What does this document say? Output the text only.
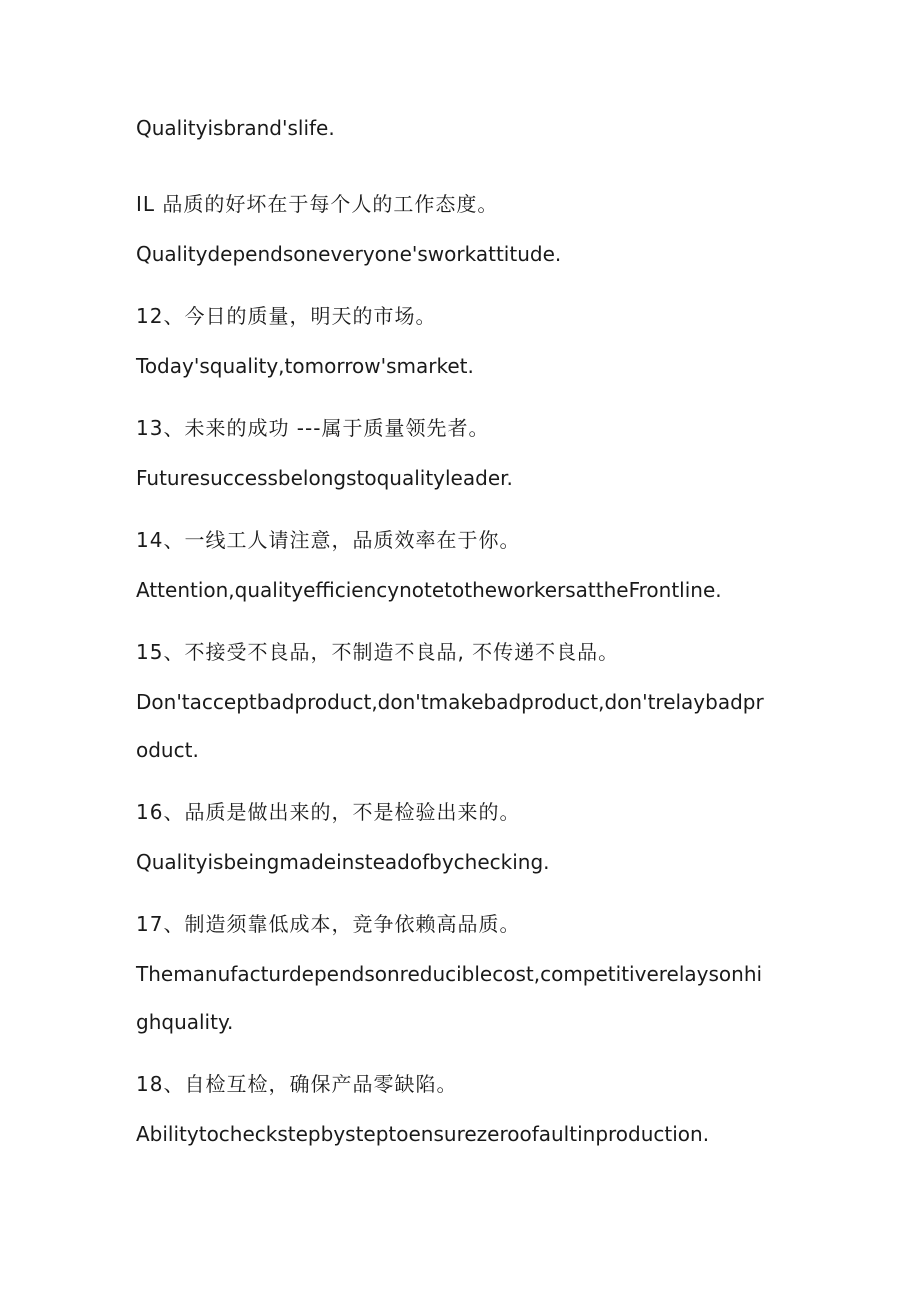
Qualityisbrand'slife.

IL 品质的好坏在于每个人的工作态度。

Qualitydependsoneveryone'sworkattitude.

12、今日的质量，明天的市场。

Today'squality,tomorrow'smarket.

13、未来的成功 ---属于质量领先者。

Futuresuccessbelongstoqualityleader.

14、一线工人请注意，品质效率在于你。

Attention,qualityefficiencynotetotheworkersattheFrontline.

15、不接受不良品，不制造不良品, 不传递不良品。

Don'tacceptbadproduct,don'tmakebadproduct,don'trelaybadpr

oduct.

16、品质是做出来的，不是检验出来的。

Qualityisbeingmadeinsteadofbychecking.

17、制造须靠低成本，竞争依赖高品质。

Themanufacturdependsonreduciblecost,competitiverelaysonhi

ghquality.

18、自检互检，确保产品零缺陷。

Abilitytocheckstepbysteptoensurezeroofaultinproduction.
